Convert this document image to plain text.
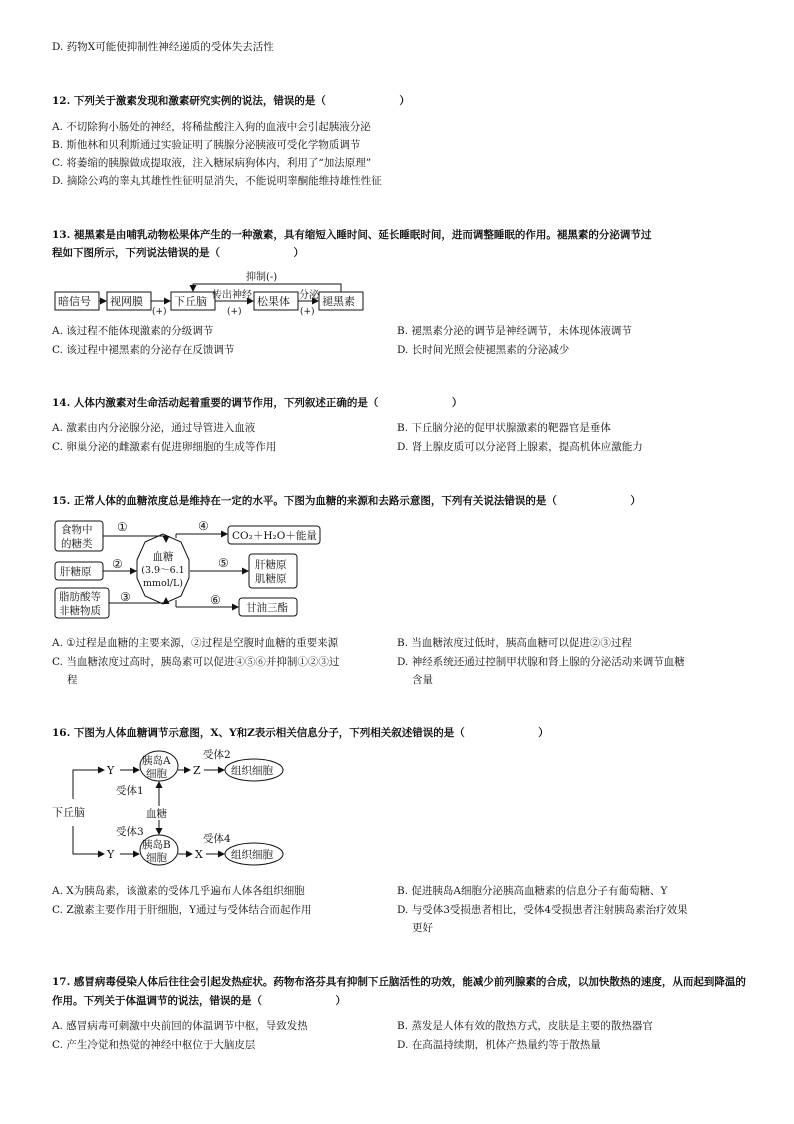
D. 药物X可能使抑制性神经递质的受体失去活性
12. 下列关于激素发现和激素研究实例的说法，错误的是（　　　　　　　）
A. 不切除狗小肠处的神经，将稀盐酸注入狗的血液中会引起胰液分泌
B. 斯他林和贝利斯通过实验证明了胰腺分泌胰液可受化学物质调节
C. 将萎缩的胰腺做成提取液，注入糖尿病狗体内，利用了“加法原理”
D. 摘除公鸡的睾丸其雄性性征明显消失，不能说明睾酮能维持雄性性征
13. 褪黑素是由哺乳动物松果体产生的一种激素，具有缩短入睡时间、延长睡眠时间，进而调整睡眠的作用。褪黑素的分泌调节过
程如下图所示，下列说法错误的是（　　　　　　　）
暗信号 视网膜	下丘脑	松果体	褪黑素
传出神经	分泌
抑制(-)
(+)	(+)	(+)
A. 该过程不能体现激素的分级调节	B. 褪黑素分泌的调节是神经调节，未体现体液调节
C. 该过程中褪黑素的分泌存在反馈调节	D. 长时间光照会使褪黑素的分泌减少
14. 人体内激素对生命活动起着重要的调节作用，下列叙述正确的是（　　　　　　　）
A. 激素由内分泌腺分泌，通过导管进入血液	B. 下丘脑分泌的促甲状腺激素的靶器官是垂体
C. 卵巢分泌的雌激素有促进卵细胞的生成等作用	D. 肾上腺皮质可以分泌肾上腺素，提高机体应激能力
15. 正常人体的血糖浓度总是维持在一定的水平。下图为血糖的来源和去路示意图，下列有关说法错误的是（　　　　　　　）
食物中
的糖类
肝糖原
脂肪酸等
非糖物质
血糖
(3.9～6.1
mmol/L)
CO₂＋H₂O＋能量
肝糖原
肌糖原
甘油三酯
①
②
③
④
⑤
⑥
A. ①过程是血糖的主要来源，②过程是空腹时血糖的重要来源	B. 当血糖浓度过低时，胰高血糖可以促进②③过程
C. 当血糖浓度过高时，胰岛素可以促进④⑤⑥并抑制①②③过
程
D. 神经系统还通过控制甲状腺和肾上腺的分泌活动来调节血糖
含量
16. 下图为人体血糖调节示意图，X、Y和Z表示相关信息分子，下列相关叙述错误的是（　　　　　　　）
下丘脑
胰岛A
细胞
胰岛B
细胞
组织细胞
组织细胞
血糖
Y
Y
Z
X
受体1
受体2
受体3
受体4
A. X为胰岛素，该激素的受体几乎遍布人体各组织细胞	B. 促进胰岛A细胞分泌胰高血糖素的信息分子有葡萄糖、Y
C. Z激素主要作用于肝细胞，Y通过与受体结合而起作用	D. 与受体3受损患者相比，受体4受损患者注射胰岛素治疗效果
更好
17. 感冒病毒侵染人体后往往会引起发热症状。药物布洛芬具有抑制下丘脑活性的功效，能减少前列腺素的合成，以加快散热的速度，从而起到降温的作用。下列关于体温调节的说法，错误的是（　　　　　　　）
A. 感冒病毒可刺激中央前回的体温调节中枢，导致发热	B. 蒸发是人体有效的散热方式，皮肤是主要的散热器官
C. 产生冷觉和热觉的神经中枢位于大脑皮层	D. 在高温持续期，机体产热量约等于散热量
